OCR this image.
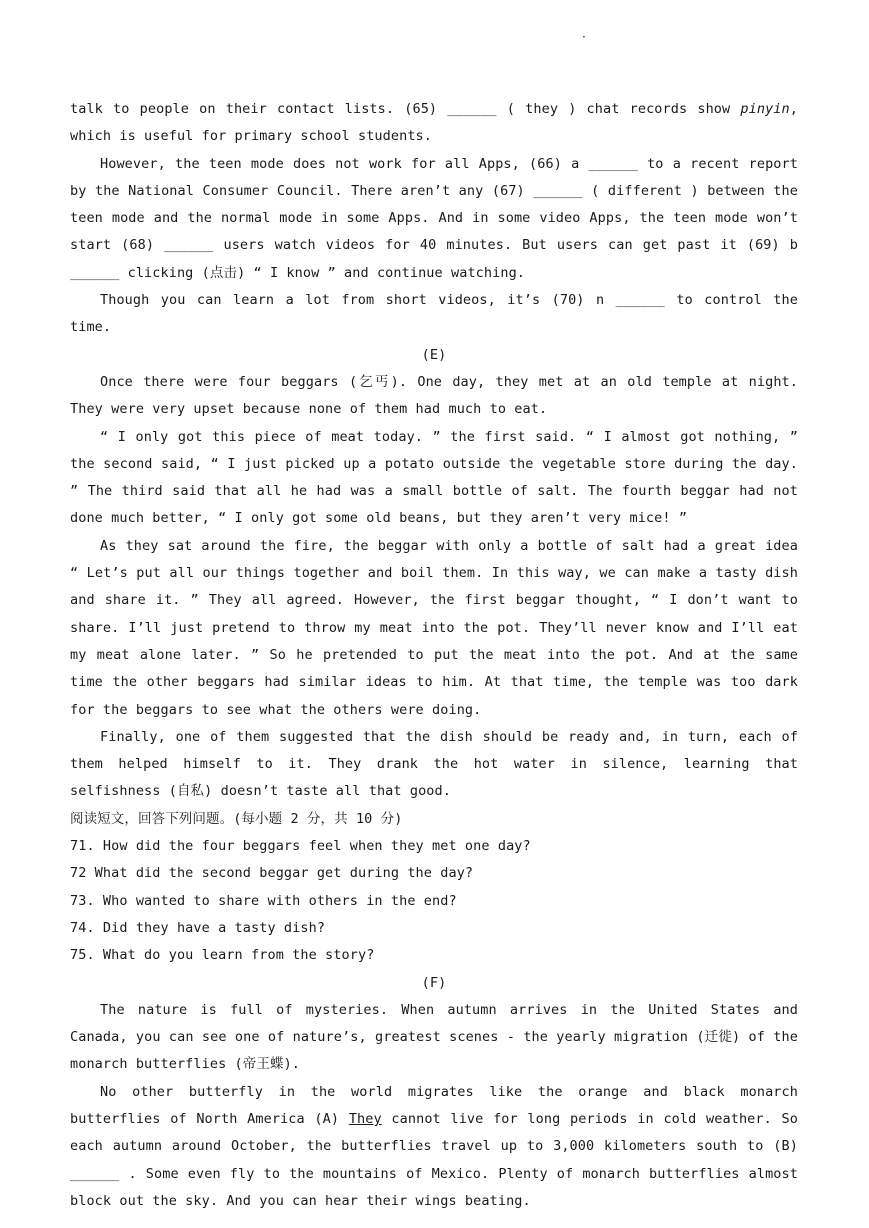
·

talk to people on their contact lists. (65) ______ ( they ) chat records show pinyin, which is useful for primary school students.

However, the teen mode does not work for all Apps, (66) a ______ to a recent report by the National Consumer Council. There aren’t any (67) ______ ( different ) between the teen mode and the normal mode in some Apps. And in some video Apps, the teen mode won’t start (68) ______ users watch videos for 40 minutes. But users can get past it (69) b ______ clicking (点击) “ I know ” and continue watching.

Though you can learn a lot from short videos, it’s (70) n ______ to control the time.

(E)

Once there were four beggars (乞丐). One day, they met at an old temple at night. They were very upset because none of them had much to eat.

“ I only got this piece of meat today. ” the first said. “ I almost got nothing, ” the second said, “ I just picked up a potato outside the vegetable store during the day. ” The third said that all he had was a small bottle of salt. The fourth beggar had not done much better, “ I only got some old beans, but they aren’t very mice! ”

As they sat around the fire, the beggar with only a bottle of salt had a great idea “ Let’s put all our things together and boil them. In this way, we can make a tasty dish and share it. ” They all agreed. However, the first beggar thought, “ I don’t want to share. I’ll just pretend to throw my meat into the pot. They’ll never know and I’ll eat my meat alone later. ” So he pretended to put the meat into the pot. And at the same time the other beggars had similar ideas to him. At that time, the temple was too dark for the beggars to see what the others were doing.

Finally, one of them suggested that the dish should be ready and, in turn, each of them helped himself to it. They drank the hot water in silence, learning that selfishness (自私) doesn’t taste all that good.

阅读短文，回答下列问题。(每小题 2 分，共 10 分)

71. How did the four beggars feel when they met one day?

72 What did the second beggar get during the day?

73. Who wanted to share with others in the end?

74. Did they have a tasty dish?

75. What do you learn from the story?

(F)

The nature is full of mysteries. When autumn arrives in the United States and Canada, you can see one of nature’s, greatest scenes - the yearly migration (迁徙) of the monarch butterflies (帝王蝶).

No other butterfly in the world migrates like the orange and black monarch butterflies of North America (A) They cannot live for long periods in cold weather. So each autumn around October, the butterflies travel up to 3,000 kilometers south to (B) ______ . Some even fly to the mountains of Mexico. Plenty of monarch butterflies almost block out the sky. And you can hear their wings beating.
